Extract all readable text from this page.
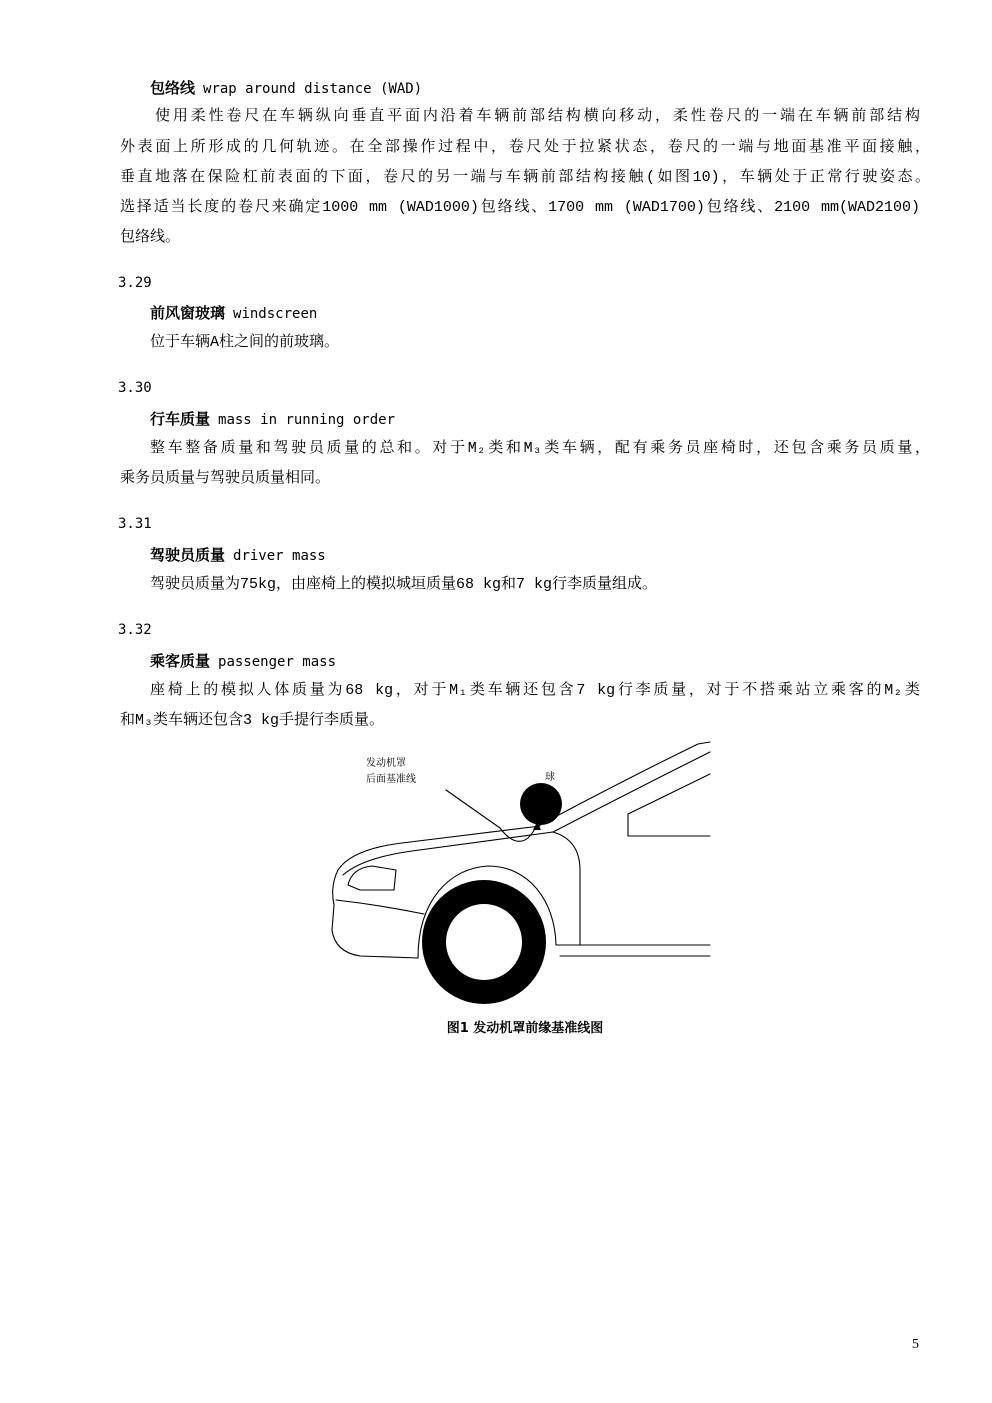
包络线 wrap around distance (WAD)
使用柔性卷尺在车辆纵向垂直平面内沿着车辆前部结构横向移动，柔性卷尺的一端在车辆前部结构
外表面上所形成的几何轨迹。在全部操作过程中，卷尺处于拉紧状态，卷尺的一端与地面基准平面接触，
垂直地落在保险杠前表面的下面，卷尺的另一端与车辆前部结构接触(如图10)，车辆处于正常行驶姿态。
选择适当长度的卷尺来确定1000 mm (WAD1000)包络线、1700 mm (WAD1700)包络线、2100 mm(WAD2100)
包络线。
3.29
前风窗玻璃 windscreen
位于车辆A柱之间的前玻璃。
3.30
行车质量 mass in running order
整车整备质量和驾驶员质量的总和。对于M₂类和M₃类车辆，配有乘务员座椅时，还包含乘务员质量，
乘务员质量与驾驶员质量相同。
3.31
驾驶员质量 driver mass
驾驶员质量为75kg，由座椅上的模拟城垣质量68 kg和7 kg行李质量组成。
3.32
乘客质量 passenger mass
座椅上的模拟人体质量为68 kg，对于M₁类车辆还包含7 kg行李质量，对于不搭乘站立乘客的M₂类
和M₃类车辆还包含3 kg手提行李质量。
发动机罩
后面基准线	球
图1 发动机罩前缘基准线图
5
